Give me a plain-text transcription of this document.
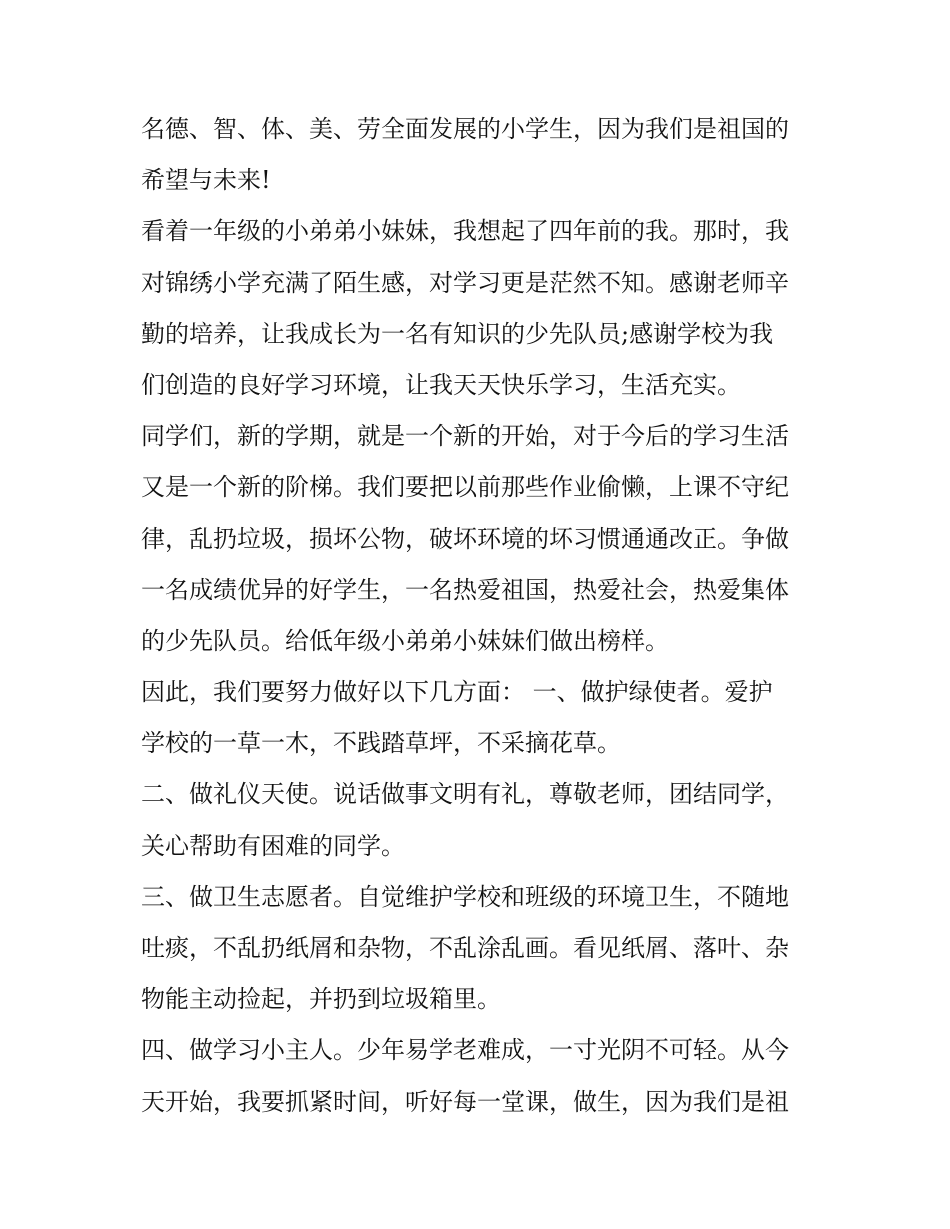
名德、智、体、美、劳全面发展的小学生，因为我们是祖国的
希望与未来!
看着一年级的小弟弟小妹妹，我想起了四年前的我。那时，我
对锦绣小学充满了陌生感，对学习更是茫然不知。感谢老师辛
勤的培养，让我成长为一名有知识的少先队员;感谢学校为我
们创造的良好学习环境，让我天天快乐学习，生活充实。
同学们，新的学期，就是一个新的开始，对于今后的学习生活
又是一个新的阶梯。我们要把以前那些作业偷懒，上课不守纪
律，乱扔垃圾，损坏公物，破坏环境的坏习惯通通改正。争做
一名成绩优异的好学生，一名热爱祖国，热爱社会，热爱集体
的少先队员。给低年级小弟弟小妹妹们做出榜样。
因此，我们要努力做好以下几方面： 一、做护绿使者。爱护
学校的一草一木，不践踏草坪，不采摘花草。
二、做礼仪天使。说话做事文明有礼，尊敬老师，团结同学，
关心帮助有困难的同学。
三、做卫生志愿者。自觉维护学校和班级的环境卫生，不随地
吐痰，不乱扔纸屑和杂物，不乱涂乱画。看见纸屑、落叶、杂
物能主动捡起，并扔到垃圾箱里。
四、做学习小主人。少年易学老难成，一寸光阴不可轻。从今
天开始，我要抓紧时间，听好每一堂课，做生，因为我们是祖
